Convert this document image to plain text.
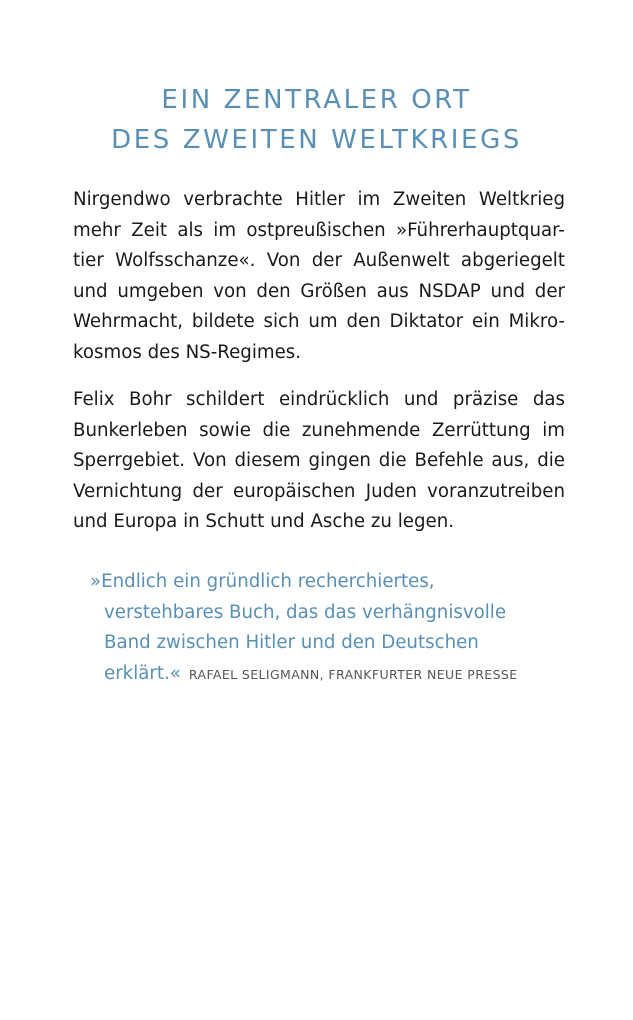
EIN ZENTRALER ORT
DES ZWEITEN WELTKRIEGS
Nirgendwo verbrachte Hitler im Zweiten Weltkrieg
mehr Zeit als im ostpreußischen »Führerhauptquar-
tier Wolfsschanze«. Von der Außenwelt abgeriegelt
und umgeben von den Größen aus NSDAP und der
Wehrmacht, bildete sich um den Diktator ein Mikro-
kosmos des NS-Regimes.
Felix Bohr schildert eindrücklich und präzise das
Bunkerleben sowie die zunehmende Zerrüttung im
Sperrgebiet. Von diesem gingen die Befehle aus, die
Vernichtung der europäischen Juden voranzutreiben
und Europa in Schutt und Asche zu legen.
»Endlich ein gründlich recherchiertes,
verstehbares Buch, das das verhängnisvolle
Band zwischen Hitler und den Deutschen
erklärt.« RAFAEL SELIGMANN, FRANKFURTER NEUE PRESSE
